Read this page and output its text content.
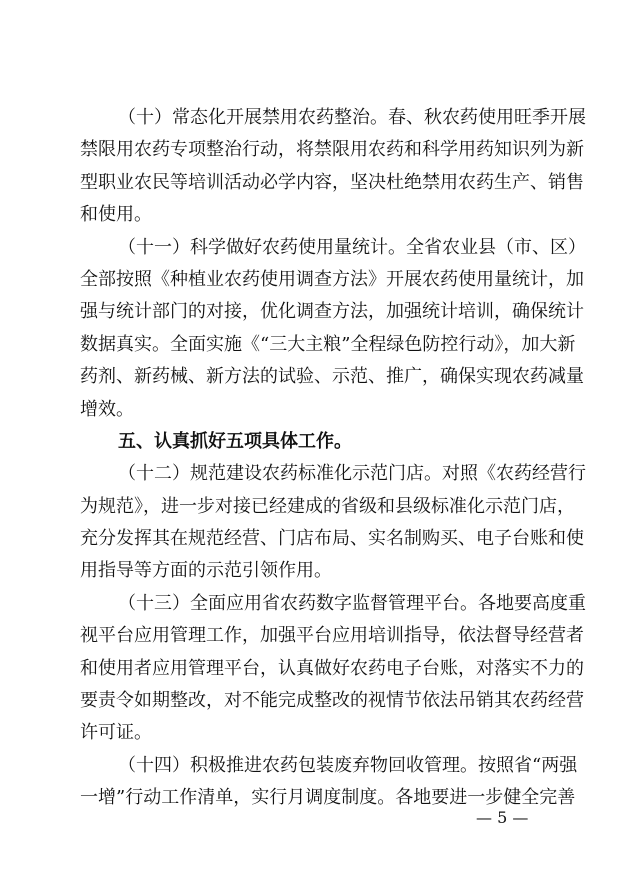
（十）常态化开展禁用农药整治。春、秋农药使用旺季开展
禁限用农药专项整治行动，将禁限用农药和科学用药知识列为新
型职业农民等培训活动必学内容，坚决杜绝禁用农药生产、销售
和使用。
（十一）科学做好农药使用量统计。全省农业县（市、区）
全部按照《种植业农药使用调查方法》开展农药使用量统计，加
强与统计部门的对接，优化调查方法，加强统计培训，确保统计
数据真实。全面实施《“三大主粮”全程绿色防控行动》，加大新
药剂、新药械、新方法的试验、示范、推广，确保实现农药减量
增效。
五、认真抓好五项具体工作。
（十二）规范建设农药标准化示范门店。对照《农药经营行
为规范》，进一步对接已经建成的省级和县级标准化示范门店，
充分发挥其在规范经营、门店布局、实名制购买、电子台账和使
用指导等方面的示范引领作用。
（十三）全面应用省农药数字监督管理平台。各地要高度重
视平台应用管理工作，加强平台应用培训指导，依法督导经营者
和使用者应用管理平台，认真做好农药电子台账，对落实不力的
要责令如期整改，对不能完成整改的视情节依法吊销其农药经营
许可证。
（十四）积极推进农药包装废弃物回收管理。按照省“两强
一增”行动工作清单，实行月调度制度。各地要进一步健全完善
— 5 —
